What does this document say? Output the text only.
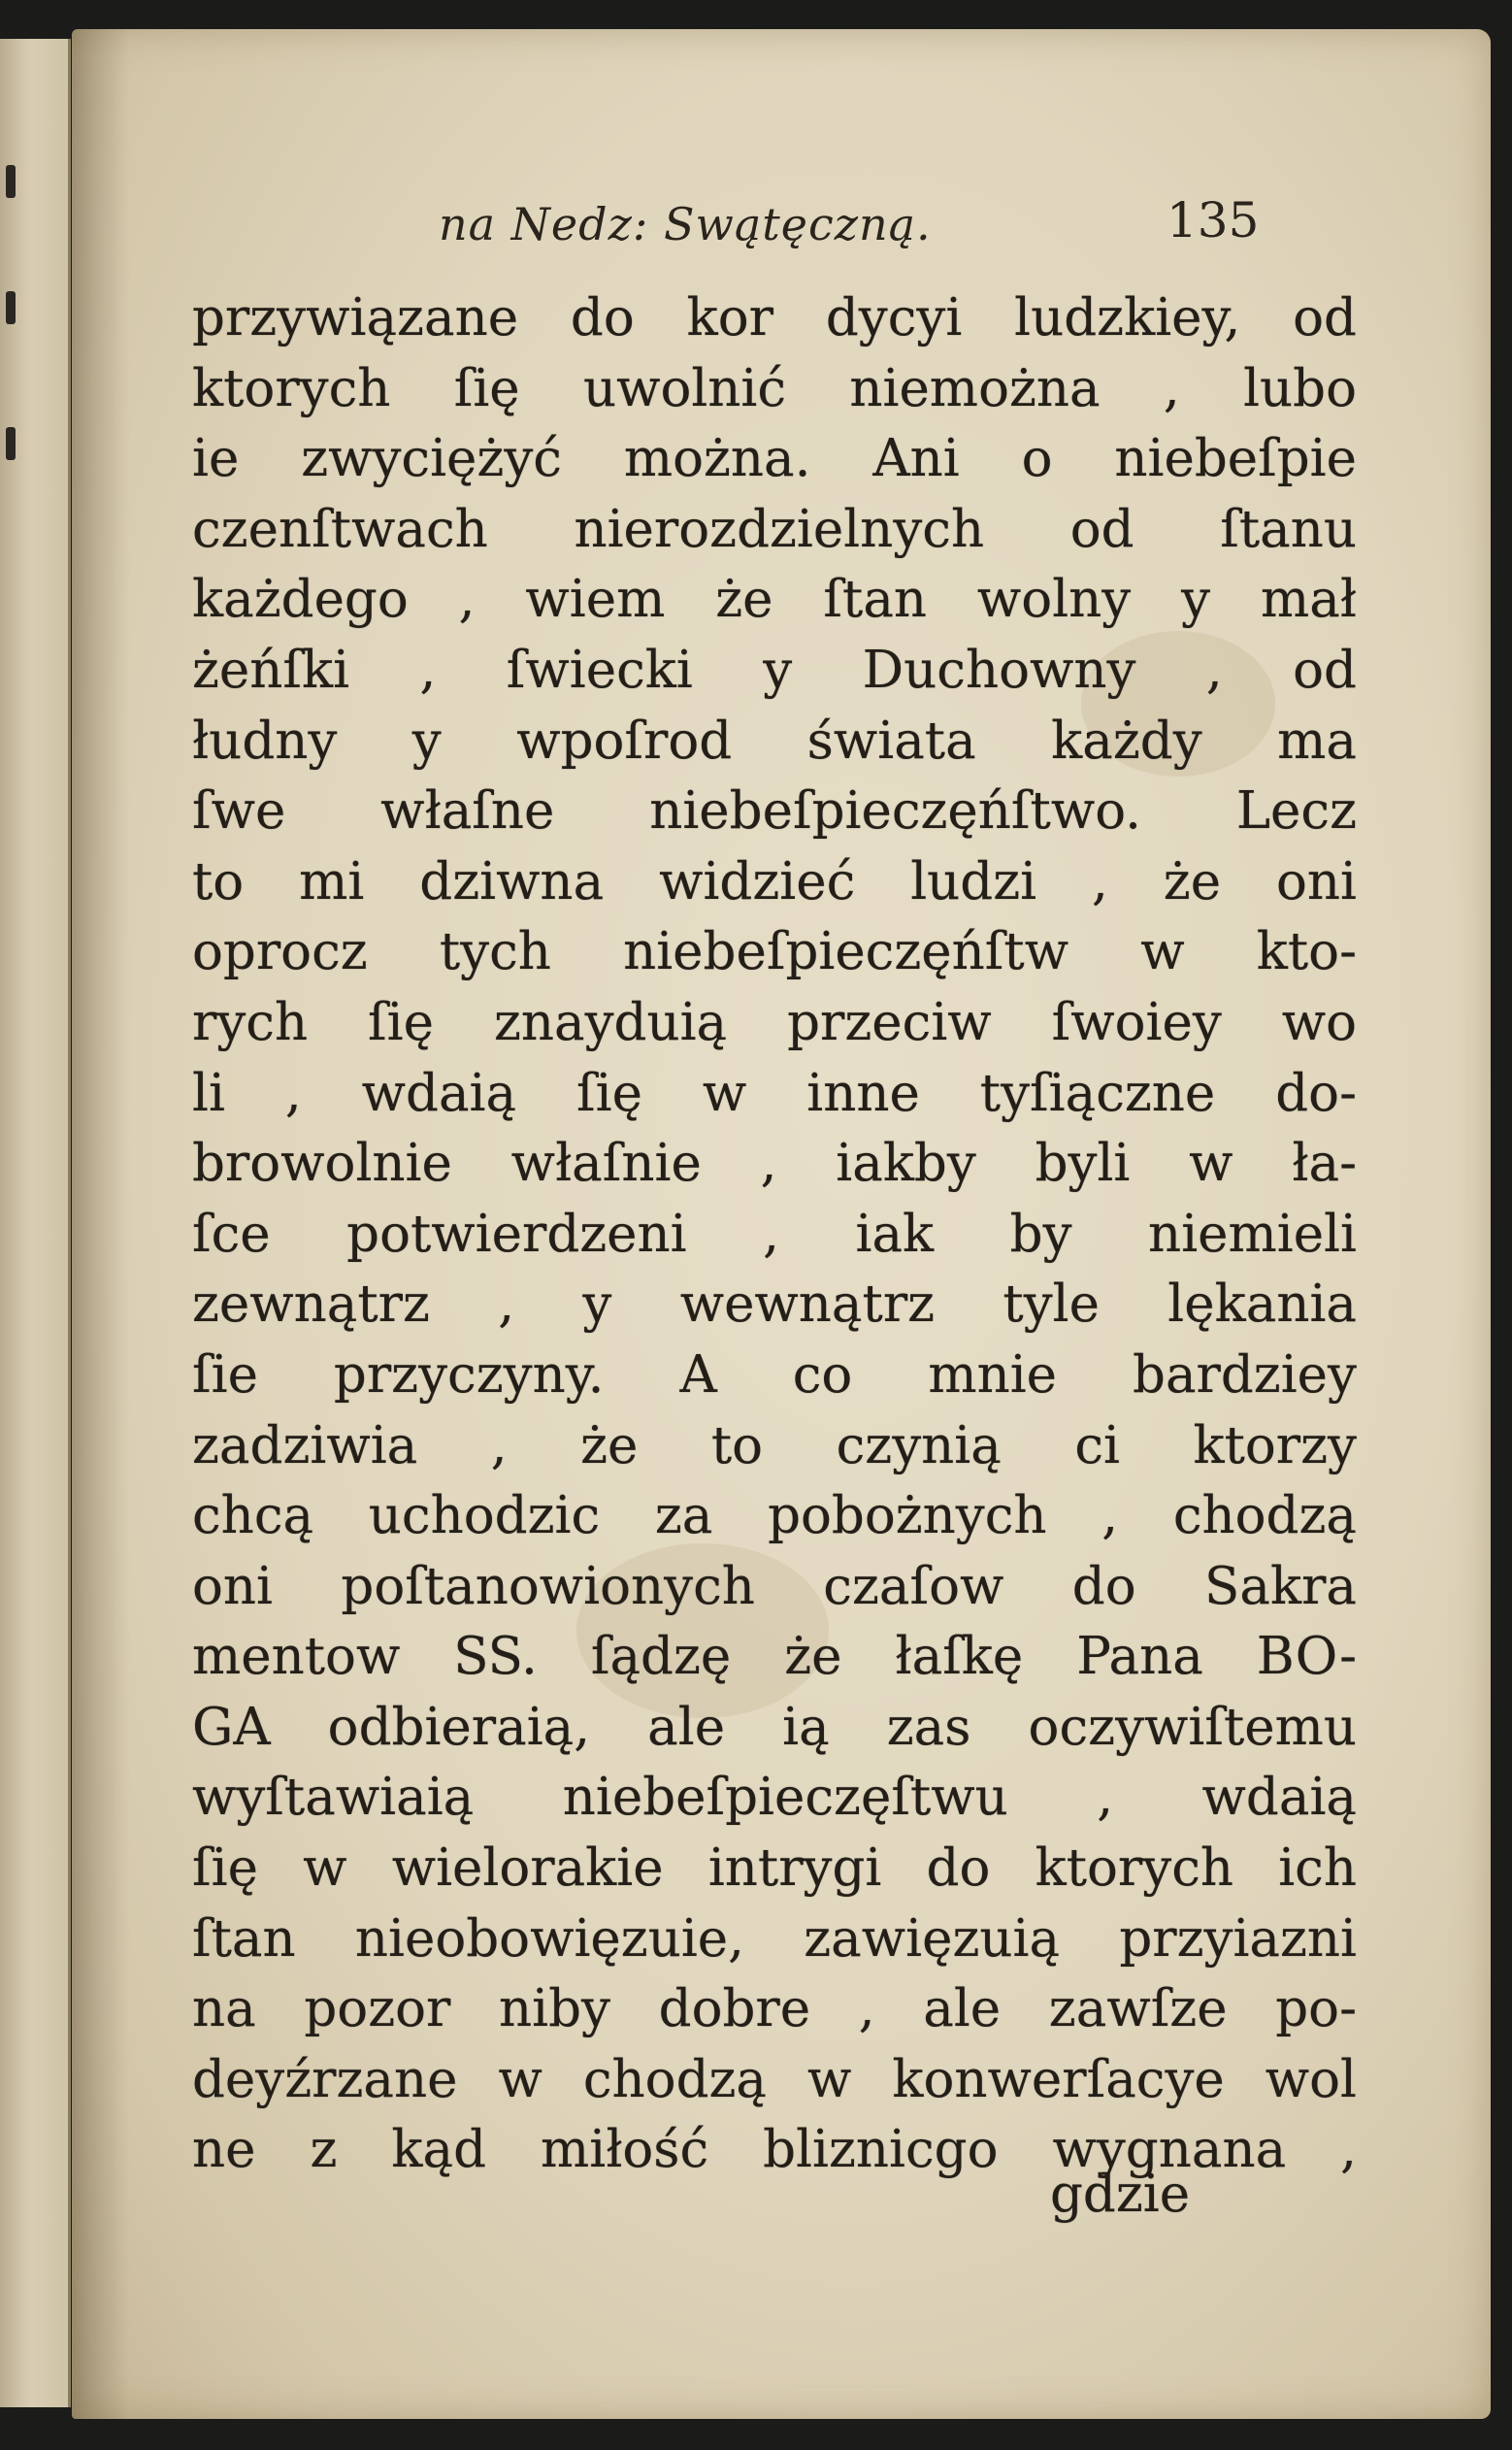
na Nedz: Swątęczną.	135
przywiązane do kor dycyi ludzkiey, od
ktorych ſię uwolnić niemożna , lubo
ie zwyciężyć można. Ani o niebeſpie
czenſtwach nierozdzielnych od ſtanu
każdego , wiem że ſtan wolny y mał
żeńſki , ſwiecki y Duchowny , od
łudny y wpoſrod świata każdy ma
ſwe właſne niebeſpieczęńſtwo. Lecz
to mi dziwna widzieć ludzi , że oni
oprocz tych niebeſpieczęńſtw w kto-
rych ſię znayduią przeciw ſwoiey wo
li , wdaią ſię w inne tyſiączne do-
browolnie właſnie , iakby byli w ła-
ſce potwierdzeni , iak by niemieli
zewnątrz , y wewnątrz tyle lękania
ſie przyczyny. A co mnie bardziey
zadziwia , że to czynią ci ktorzy
chcą uchodzic za pobożnych , chodzą
oni poſtanowionych czaſow do Sakra
mentow SS. ſądzę że łaſkę Pana BO-
GA odbieraią, ale ią zas oczywiſtemu
wyſtawiaią niebeſpieczęſtwu , wdaią
ſię w wielorakie intrygi do ktorych ich
ſtan nieobowięzuie, zawięzuią przyiazni
na pozor niby dobre , ale zawſze po-
deyźrzane w chodzą w konwerſacye wol
ne z kąd miłość bliznicgo wygnana ,
gdzie
